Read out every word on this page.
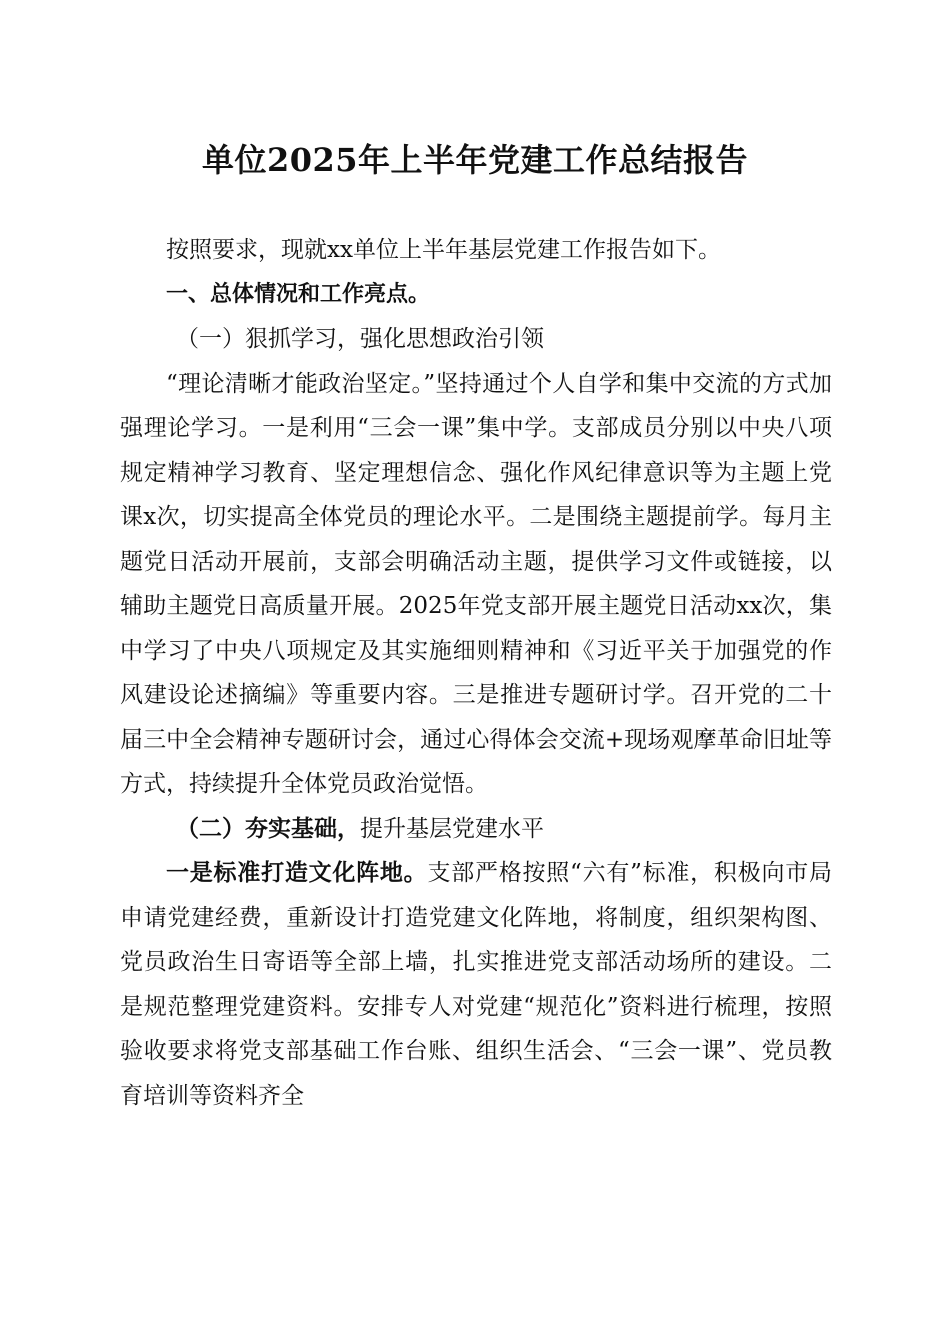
单位2025年上半年党建工作总结报告

按照要求，现就xx单位上半年基层党建工作报告如下。

一、总体情况和工作亮点。

（一）狠抓学习，强化思想政治引领

“理论清晰才能政治坚定。”坚持通过个人自学和集中交流的方式加强理论学习。一是利用“三会一课”集中学。支部成员分别以中央八项规定精神学习教育、坚定理想信念、强化作风纪律意识等为主题上党课x次，切实提高全体党员的理论水平。二是围绕主题提前学。每月主题党日活动开展前，支部会明确活动主题，提供学习文件或链接，以辅助主题党日高质量开展。2025年党支部开展主题党日活动xx次，集中学习了中央八项规定及其实施细则精神和《习近平关于加强党的作风建设论述摘编》等重要内容。三是推进专题研讨学。召开党的二十届三中全会精神专题研讨会，通过心得体会交流+现场观摩革命旧址等方式，持续提升全体党员政治觉悟。

（二）夯实基础，提升基层党建水平

一是标准打造文化阵地。支部严格按照“六有”标准，积极向市局申请党建经费，重新设计打造党建文化阵地，将制度，组织架构图、党员政治生日寄语等全部上墙，扎实推进党支部活动场所的建设。二是规范整理党建资料。安排专人对党建“规范化”资料进行梳理，按照验收要求将党支部基础工作台账、组织生活会、“三会一课”、党员教育培训等资料齐全
